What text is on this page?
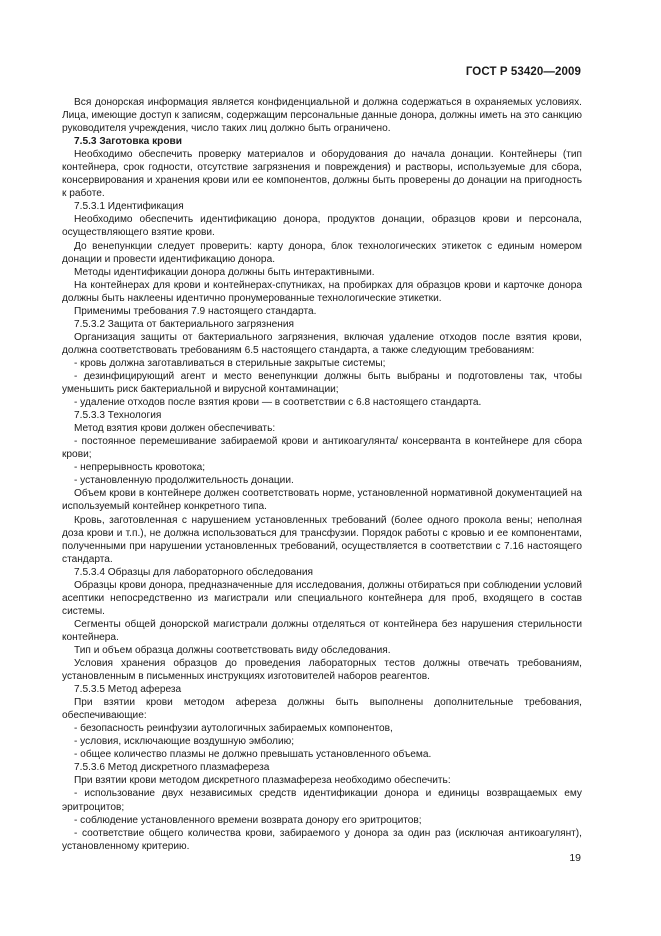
ГОСТ Р 53420—2009

Вся донорская информация является конфиденциальной и должна содержаться в охраняемых условиях. Лица, имеющие доступ к записям, содержащим персональные данные донора, должны иметь на это санкцию руководителя учреждения, число таких лиц должно быть ограничено.

7.5.3 Заготовка крови

Необходимо обеспечить проверку материалов и оборудования до начала донации. Контейнеры (тип контейнера, срок годности, отсутствие загрязнения и повреждения) и растворы, используемые для сбора, консервирования и хранения крови или ее компонентов, должны быть проверены до донации на пригодность к работе.

7.5.3.1 Идентификация

Необходимо обеспечить идентификацию донора, продуктов донации, образцов крови и персонала, осуществляющего взятие крови.

До венепункции следует проверить: карту донора, блок технологических этикеток с единым номером донации и провести идентификацию донора.

Методы идентификации донора должны быть интерактивными.

На контейнерах для крови и контейнерах-спутниках, на пробирках для образцов крови и карточке донора должны быть наклеены идентично пронумерованные технологические этикетки.

Применимы требования 7.9 настоящего стандарта.

7.5.3.2 Защита от бактериального загрязнения

Организация защиты от бактериального загрязнения, включая удаление отходов после взятия крови, должна соответствовать требованиям 6.5 настоящего стандарта, а также следующим требованиям:

- кровь должна заготавливаться в стерильные закрытые системы;

- дезинфицирующий агент и место венепункции должны быть выбраны и подготовлены так, чтобы уменьшить риск бактериальной и вирусной контаминации;

- удаление отходов после взятия крови — в соответствии с 6.8 настоящего стандарта.

7.5.3.3 Технология

Метод взятия крови должен обеспечивать:

- постоянное перемешивание забираемой крови и антикоагулянта/ консерванта в контейнере для сбора крови;

- непрерывность кровотока;

- установленную продолжительность донации.

Объем крови в контейнере должен соответствовать норме, установленной нормативной документацией на используемый контейнер конкретного типа.

Кровь, заготовленная с нарушением установленных требований (более одного прокола вены; неполная доза крови и т.п.), не должна использоваться для трансфузии. Порядок работы с кровью и ее компонентами, полученными при нарушении установленных требований, осуществляется в соответствии с 7.16 настоящего стандарта.

7.5.3.4 Образцы для лабораторного обследования

Образцы крови донора, предназначенные для исследования, должны отбираться при соблюдении условий асептики непосредственно из магистрали или специального контейнера для проб, входящего в состав системы.

Сегменты общей донорской магистрали должны отделяться от контейнера без нарушения стерильности контейнера.

Тип и объем образца должны соответствовать виду обследования.

Условия хранения образцов до проведения лабораторных тестов должны отвечать требованиям, установленным в письменных инструкциях изготовителей наборов реагентов.

7.5.3.5 Метод афереза

При взятии крови методом афереза должны быть выполнены дополнительные требования, обеспечивающие:

- безопасность реинфузии аутологичных забираемых компонентов,

- условия, исключающие воздушную эмболию;

- общее количество плазмы не должно превышать установленного объема.

7.5.3.6 Метод дискретного плазмафереза

При взятии крови методом дискретного плазмафереза необходимо обеспечить:

- использование двух независимых средств идентификации донора и единицы возвращаемых ему эритроцитов;

- соблюдение установленного времени возврата донору его эритроцитов;

- соответствие общего количества крови, забираемого у донора за один раз (исключая антикоагулянт), установленному критерию.

19
